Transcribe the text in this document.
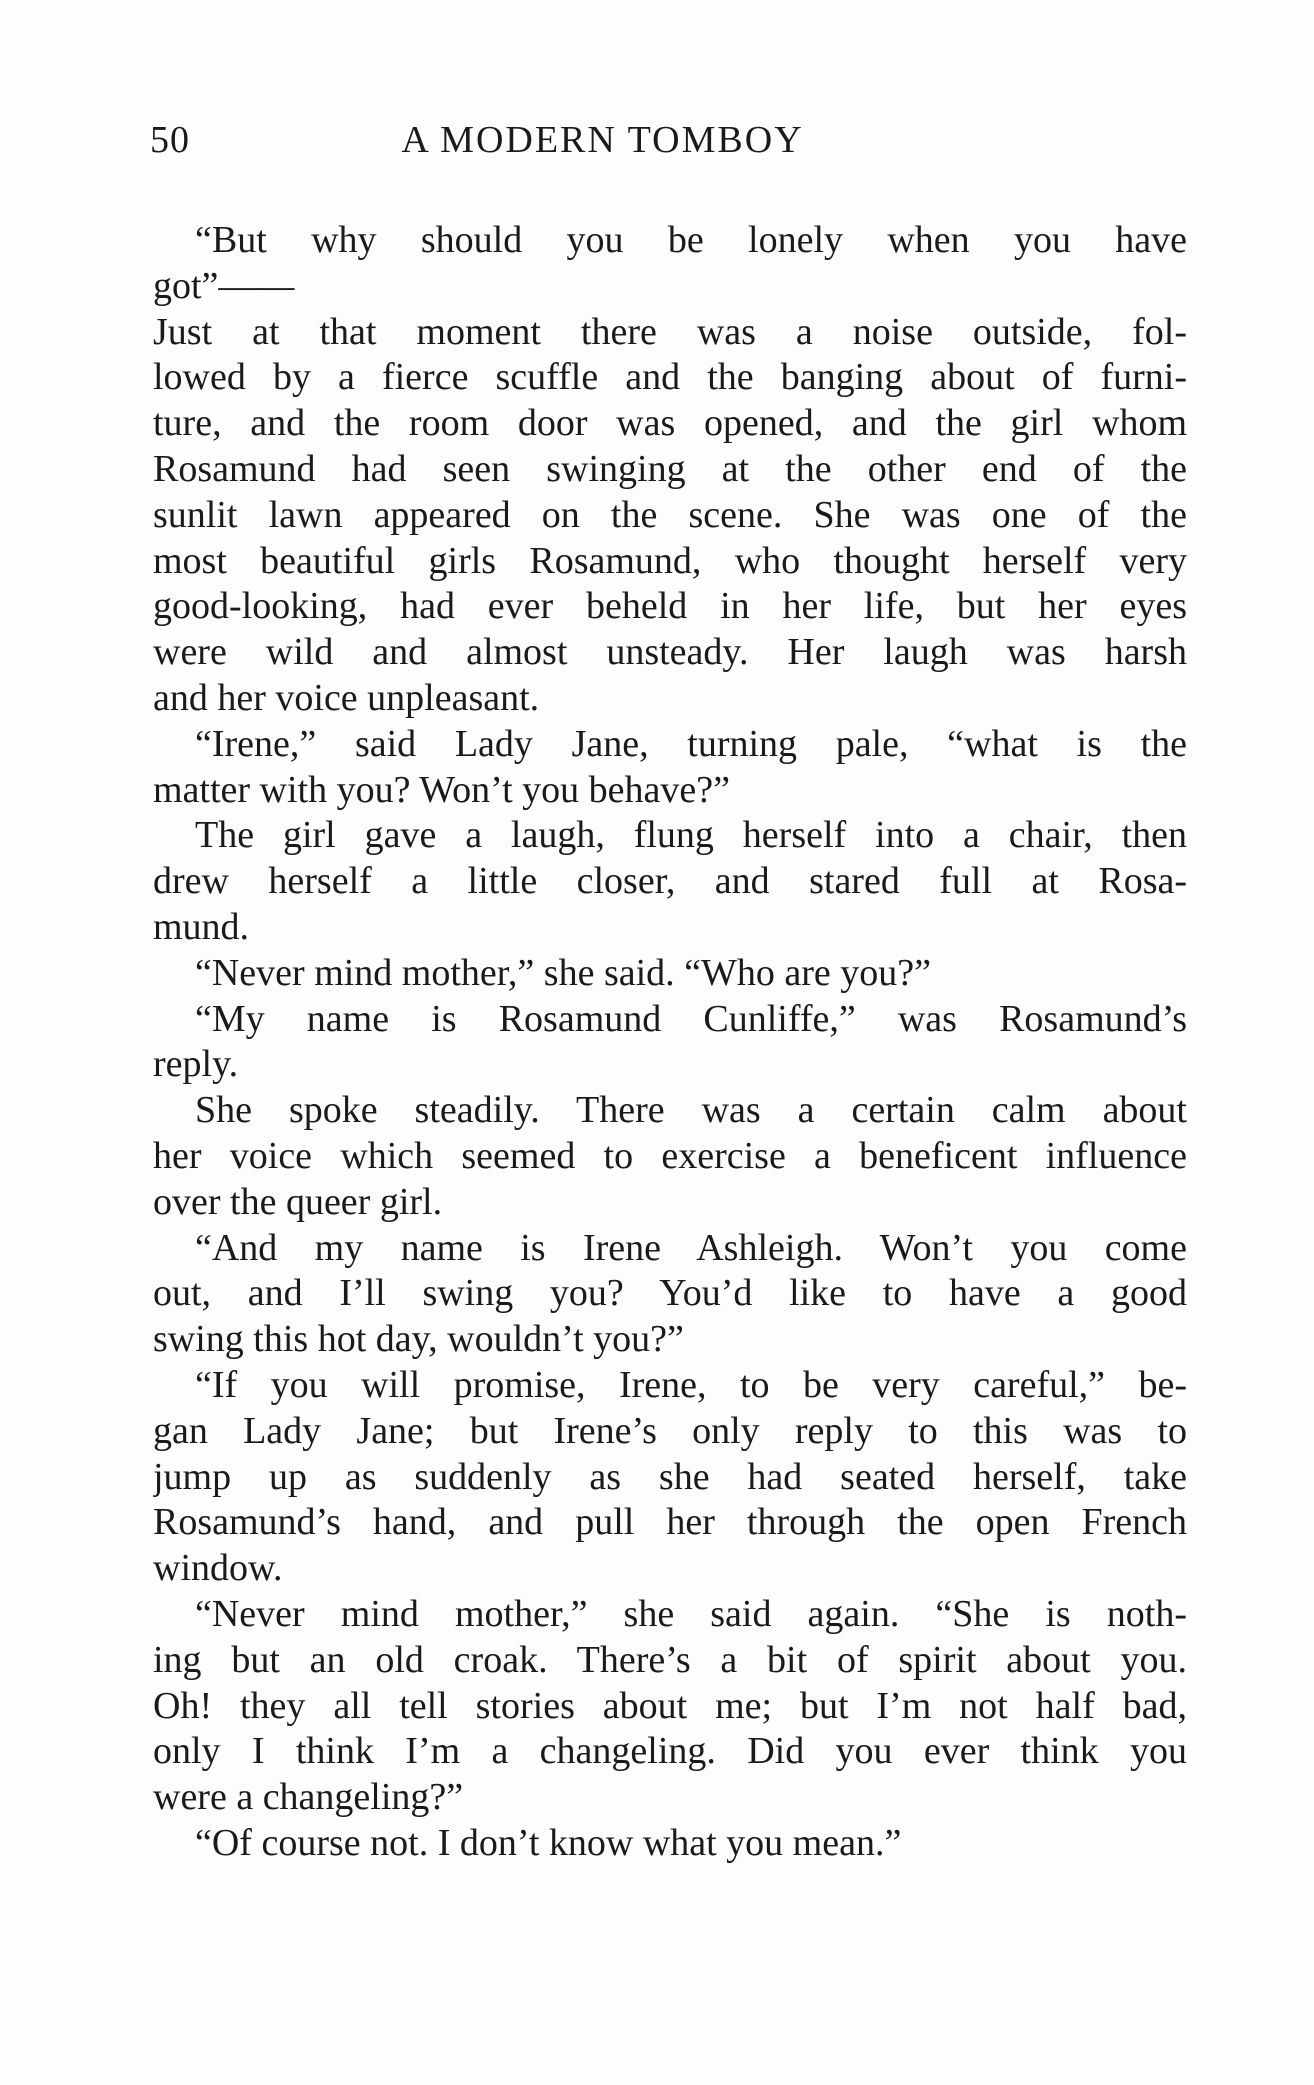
50	A MODERN TOMBOY
“But why should you be lonely when you have
got”——
Just at that moment there was a noise outside, fol-
lowed by a fierce scuffle and the banging about of furni-
ture, and the room door was opened, and the girl whom
Rosamund had seen swinging at the other end of the
sunlit lawn appeared on the scene. She was one of the
most beautiful girls Rosamund, who thought herself very
good-looking, had ever beheld in her life, but her eyes
were wild and almost unsteady. Her laugh was harsh
and her voice unpleasant.
“Irene,” said Lady Jane, turning pale, “what is the
matter with you? Won’t you behave?”
The girl gave a laugh, flung herself into a chair, then
drew herself a little closer, and stared full at Rosa-
mund.
“Never mind mother,” she said. “Who are you?”
“My name is Rosamund Cunliffe,” was Rosamund’s
reply.
She spoke steadily. There was a certain calm about
her voice which seemed to exercise a beneficent influence
over the queer girl.
“And my name is Irene Ashleigh. Won’t you come
out, and I’ll swing you? You’d like to have a good
swing this hot day, wouldn’t you?”
“If you will promise, Irene, to be very careful,” be-
gan Lady Jane; but Irene’s only reply to this was to
jump up as suddenly as she had seated herself, take
Rosamund’s hand, and pull her through the open French
window.
“Never mind mother,” she said again. “She is noth-
ing but an old croak. There’s a bit of spirit about you.
Oh! they all tell stories about me; but I’m not half bad,
only I think I’m a changeling. Did you ever think you
were a changeling?”
“Of course not. I don’t know what you mean.”
